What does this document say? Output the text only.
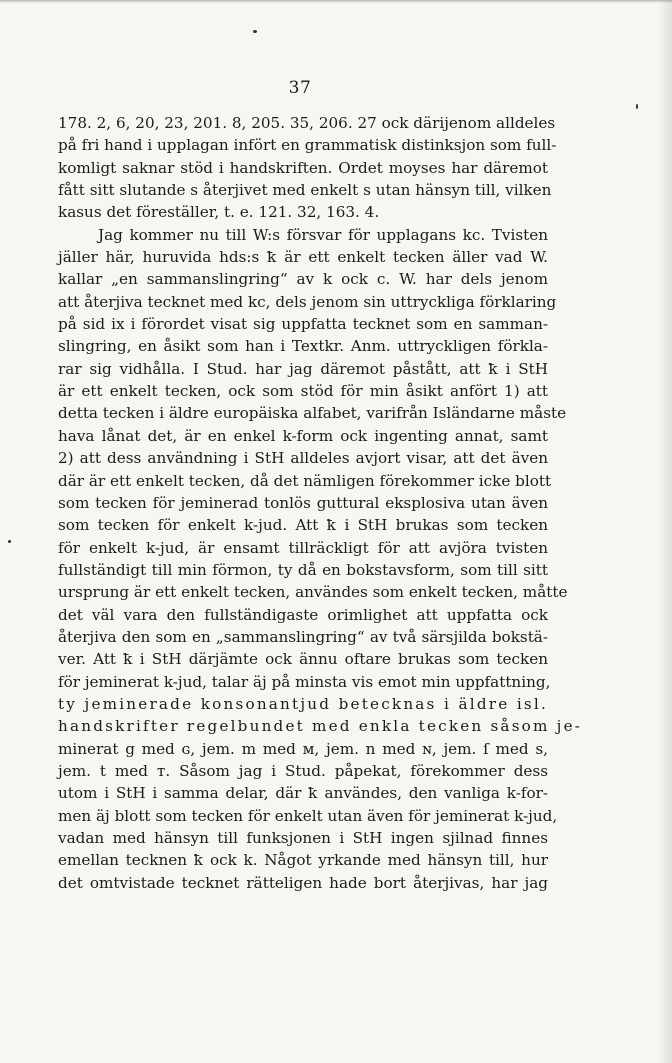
37
178. 2, 6, 20, 23, 201. 8, 205. 35, 206. 27 ock därijenom alldeles
på fri hand i upplagan infört en grammatisk distinksjon som full-
komligt saknar stöd i handskriften. Ordet moyses har däremot
fått sitt slutande s återjivet med enkelt s utan hänsyn till, vilken
kasus det föreställer, t. e. 121. 32, 163. 4.
Jag kommer nu till W:s försvar för upplagans kc. Tvisten
jäller här, huruvida hds:s ꝁ är ett enkelt tecken äller vad W.
kallar „en sammanslingring“ av k ock c. W. har dels jenom
att återjiva tecknet med kc, dels jenom sin uttryckliga förklaring
på sid ix i förordet visat sig uppfatta tecknet som en samman-
slingring, en åsikt som han i Textkr. Anm. uttryckligen förkla-
rar sig vidhålla. I Stud. har jag däremot påstått, att ꝁ i StH
är ett enkelt tecken, ock som stöd för min åsikt anfört 1) att
detta tecken i äldre europäiska alfabet, varifrån Isländarne måste
hava lånat det, är en enkel k-form ock ingenting annat, samt
2) att dess användning i StH alldeles avjort visar, att det även
där är ett enkelt tecken, då det nämligen förekommer icke blott
som tecken för jeminerad tonlös guttural eksplosiva utan även
som tecken för enkelt k-jud. Att ꝁ i StH brukas som tecken
för enkelt k-jud, är ensamt tillräckligt för att avjöra tvisten
fullständigt till min förmon, ty då en bokstavsform, som till sitt
ursprung är ett enkelt tecken, användes som enkelt tecken, måtte
det väl vara den fullständigaste orimlighet att uppfatta ock
återjiva den som en „sammanslingring“ av två särsjilda bokstä-
ver. Att ꝁ i StH därjämte ock ännu oftare brukas som tecken
för jeminerat k-jud, talar äj på minsta vis emot min uppfattning,
ty jeminerade konsonantjud betecknas i äldre isl.
handskrifter regelbundet med enkla tecken såsom je-
minerat g med ɢ, jem. m med ᴍ, jem. n med ɴ, jem. ſ med s,
jem. t med ᴛ. Såsom jag i Stud. påpekat, förekommer dess
utom i StH i samma delar, där ꝁ användes, den vanliga k-for-
men äj blott som tecken för enkelt utan även för jeminerat k-jud,
vadan med hänsyn till funksjonen i StH ingen sjilnad finnes
emellan tecknen ꝁ ock k. Något yrkande med hänsyn till, hur
det omtvistade tecknet rätteligen hade bort återjivas, har jag
